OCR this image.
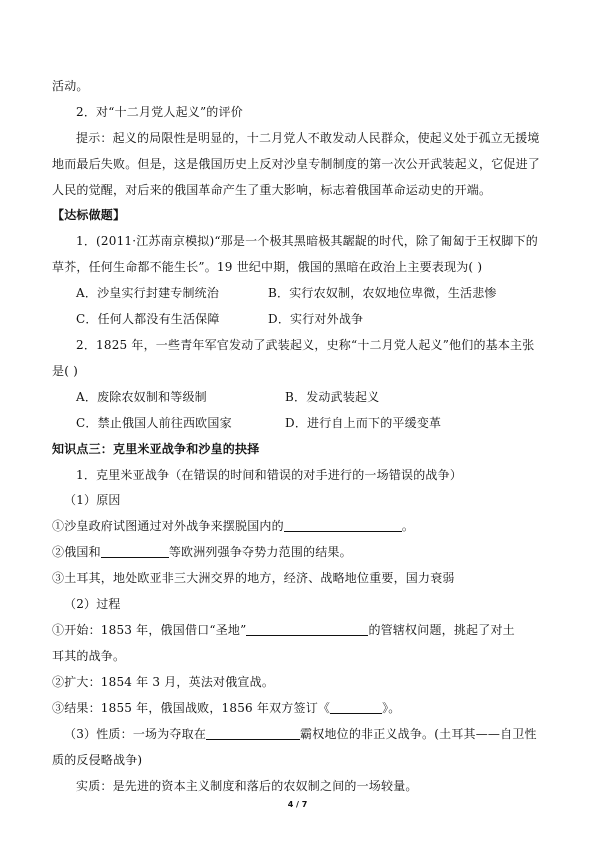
活动。
2．对“十二月党人起义”的评价
提示：起义的局限性是明显的，十二月党人不敢发动人民群众，使起义处于孤立无援境
地而最后失败。但是，这是俄国历史上反对沙皇专制制度的第一次公开武装起义，它促进了
人民的觉醒，对后来的俄国革命产生了重大影响，标志着俄国革命运动史的开端。
【达标做题】
1．(2011·江苏南京模拟)“那是一个极其黑暗极其龌龊的时代，除了匍匐于王权脚下的
草芥，任何生命都不能生长”。19 世纪中期，俄国的黑暗在政治上主要表现为( )
A．沙皇实行封建专制统治	B．实行农奴制，农奴地位卑微，生活悲惨
C．任何人都没有生活保障	D．实行对外战争
2．1825 年，一些青年军官发动了武装起义，史称“十二月党人起义”他们的基本主张
是( )
A．废除农奴制和等级制	B．发动武装起义
C．禁止俄国人前往西欧国家	D．进行自上而下的平缓变革
知识点三：克里米亚战争和沙皇的抉择
1．克里米亚战争（在错误的时间和错误的对手进行的一场错误的战争）
（1）原因
①沙皇政府试图通过对外战争来摆脱国内的	。
②俄国和	等欧洲列强争夺势力范围的结果。
③土耳其，地处欧亚非三大洲交界的地方，经济、战略地位重要，国力衰弱
（2）过程
①开始：1853 年，俄国借口“圣地”	的管辖权问题，挑起了对土
耳其的战争。
②扩大：1854 年 3 月，英法对俄宣战。
③结果：1855 年，俄国战败，1856 年双方签订《	》。
（3）性质：一场为夺取在	霸权地位的非正义战争。(土耳其——自卫性
质的反侵略战争)
实质：是先进的资本主义制度和落后的农奴制之间的一场较量。
4 / 7
